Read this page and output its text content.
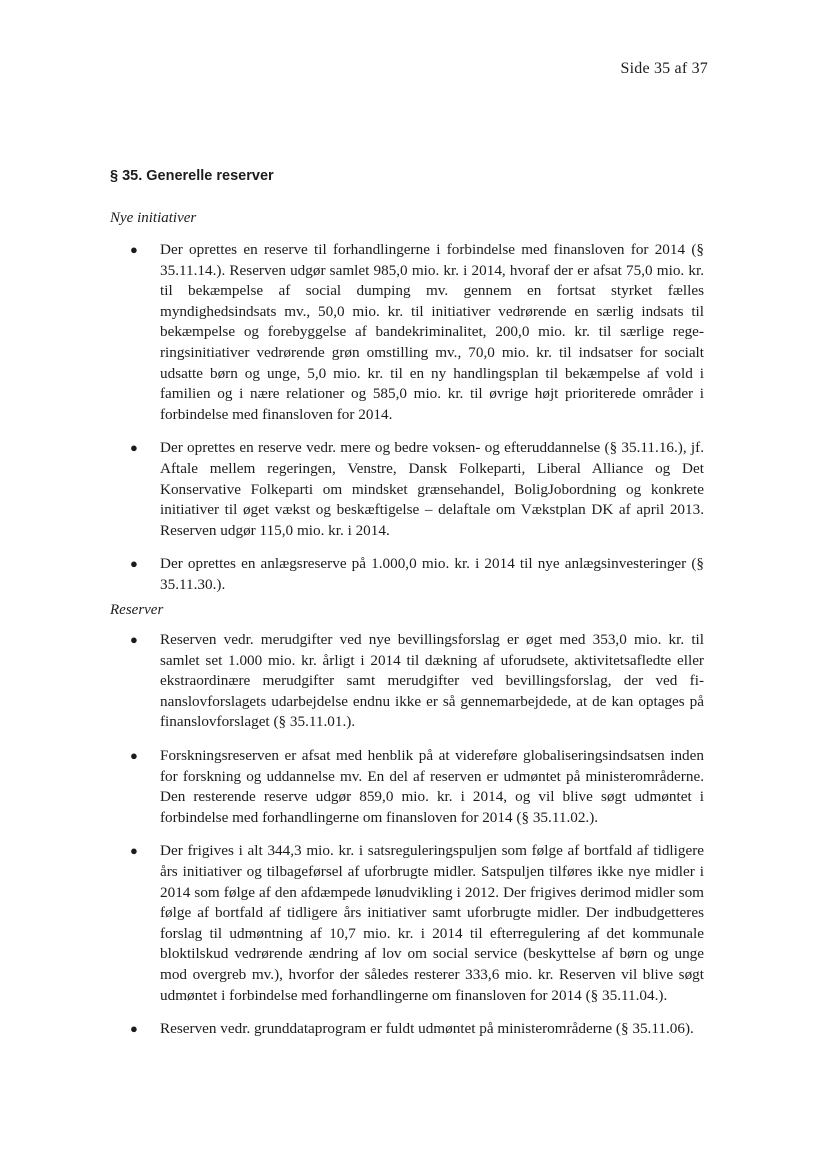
Side 35 af 37
§ 35. Generelle reserver
Nye initiativer
● Der oprettes en reserve til forhandlingerne i forbindelse med finansloven for 2014 (§ 35.11.14.). Reserven udgør samlet 985,0 mio. kr. i 2014, hvoraf der er afsat 75,0 mio. kr. til bekæmpelse af social dumping mv. gennem en fortsat styrket fælles myndighedsindsats mv., 50,0 mio. kr. til initiativer vedrørende en særlig indsats til bekæmpelse og forebyggelse af bandekriminalitet, 200,0 mio. kr. til særlige regeringsinitiativer vedrørende grøn omstilling mv., 70,0 mio. kr. til indsatser for socialt udsatte børn og unge, 5,0 mio. kr. til en ny handlingsplan til bekæmpelse af vold i familien og i nære relationer og 585,0 mio. kr. til øvrige højt prioriterede områder i forbindelse med finansloven for 2014.
● Der oprettes en reserve vedr. mere og bedre voksen- og efteruddannelse (§ 35.11.16.), jf. Aftale mellem regeringen, Venstre, Dansk Folkeparti, Liberal Alliance og Det Konservative Folkeparti om mindsket grænsehandel, BoligJobordning og konkrete initiativer til øget vækst og beskæftigelse – delaftale om Vækstplan DK af april 2013. Reserven udgør 115,0 mio. kr. i 2014.
● Der oprettes en anlægsreserve på 1.000,0 mio. kr. i 2014 til nye anlægsinvesteringer (§ 35.11.30.).
Reserver
● Reserven vedr. merudgifter ved nye bevillingsforslag er øget med 353,0 mio. kr. til samlet set 1.000 mio. kr. årligt i 2014 til dækning af uforudsete, aktivitetsafledte eller ekstraordinære merudgifter samt merudgifter ved bevillingsforslag, der ved finanslovforslagets udarbejdelse endnu ikke er så gennemarbejdede, at de kan optages på finanslovforslaget (§ 35.11.01.).
● Forskningsreserven er afsat med henblik på at videreføre globaliseringsindsatsen inden for forskning og uddannelse mv. En del af reserven er udmøntet på ministerområderne. Den resterende reserve udgør 859,0 mio. kr. i 2014, og vil blive søgt udmøntet i forbindelse med forhandlingerne om finansloven for 2014 (§ 35.11.02.).
● Der frigives i alt 344,3 mio. kr. i satsreguleringspuljen som følge af bortfald af tidligere års initiativer og tilbageførsel af uforbrugte midler. Satspuljen tilføres ikke nye midler i 2014 som følge af den afdæmpede lønudvikling i 2012. Der frigives derimod midler som følge af bortfald af tidligere års initiativer samt uforbrugte midler. Der indbudgetteres forslag til udmøntning af 10,7 mio. kr. i 2014 til efterregulering af det kommunale bloktilskud vedrørende ændring af lov om social service (beskyttelse af børn og unge mod overgreb mv.), hvorfor der således resterer 333,6 mio. kr. Reserven vil blive søgt udmøntet i forbindelse med forhandlingerne om finansloven for 2014 (§ 35.11.04.).
● Reserven vedr. grunddataprogram er fuldt udmøntet på ministerområderne (§ 35.11.06).
